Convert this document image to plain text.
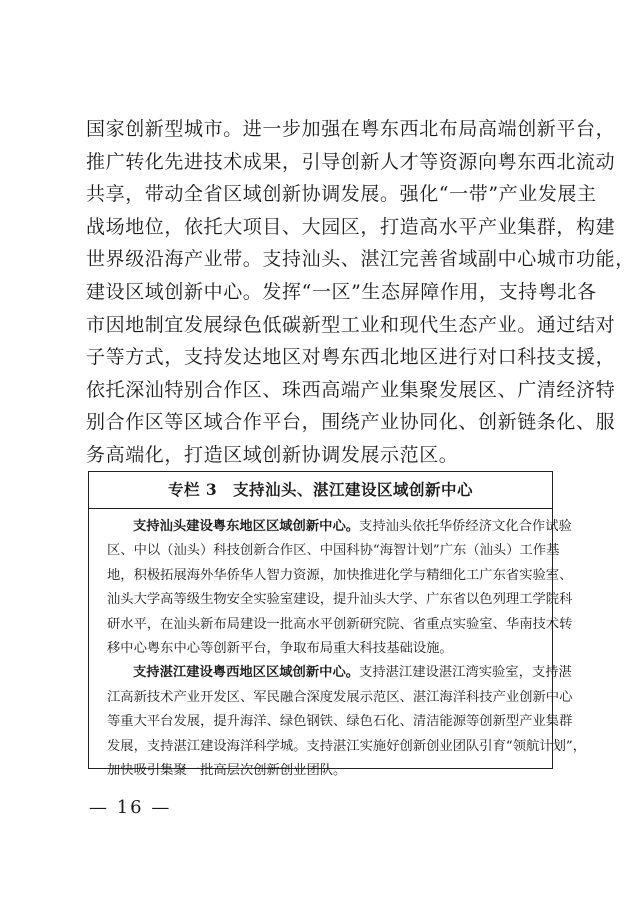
国家创新型城市。进一步加强在粤东西北布局高端创新平台，
推广转化先进技术成果，引导创新人才等资源向粤东西北流动
共享，带动全省区域创新协调发展。强化“一带”产业发展主
战场地位，依托大项目、大园区，打造高水平产业集群，构建
世界级沿海产业带。支持汕头、湛江完善省域副中心城市功能，
建设区域创新中心。发挥“一区”生态屏障作用，支持粤北各
市因地制宜发展绿色低碳新型工业和现代生态产业。通过结对
子等方式，支持发达地区对粤东西北地区进行对口科技支援，
依托深汕特别合作区、珠西高端产业集聚发展区、广清经济特
别合作区等区域合作平台，围绕产业协同化、创新链条化、服
务高端化，打造区域创新协调发展示范区。
专栏 3 支持汕头、湛江建设区域创新中心

支持汕头建设粤东地区区域创新中心。支持汕头依托华侨经济文化合作试验
区、中以（汕头）科技创新合作区、中国科协“海智计划”广东（汕头）工作基
地，积极拓展海外华侨华人智力资源，加快推进化学与精细化工广东省实验室、
汕头大学高等级生物安全实验室建设，提升汕头大学、广东省以色列理工学院科
研水平，在汕头新布局建设一批高水平创新研究院、省重点实验室、华南技术转
移中心粤东中心等创新平台，争取布局重大科技基础设施。

支持湛江建设粤西地区区域创新中心。支持湛江建设湛江湾实验室，支持湛
江高新技术产业开发区、军民融合深度发展示范区、湛江海洋科技产业创新中心
等重大平台发展，提升海洋、绿色钢铁、绿色石化、清洁能源等创新型产业集群
发展，支持湛江建设海洋科学城。支持湛江实施好创新创业团队引育“领航计划”，
加快吸引集聚一批高层次创新创业团队。

— 16 —
